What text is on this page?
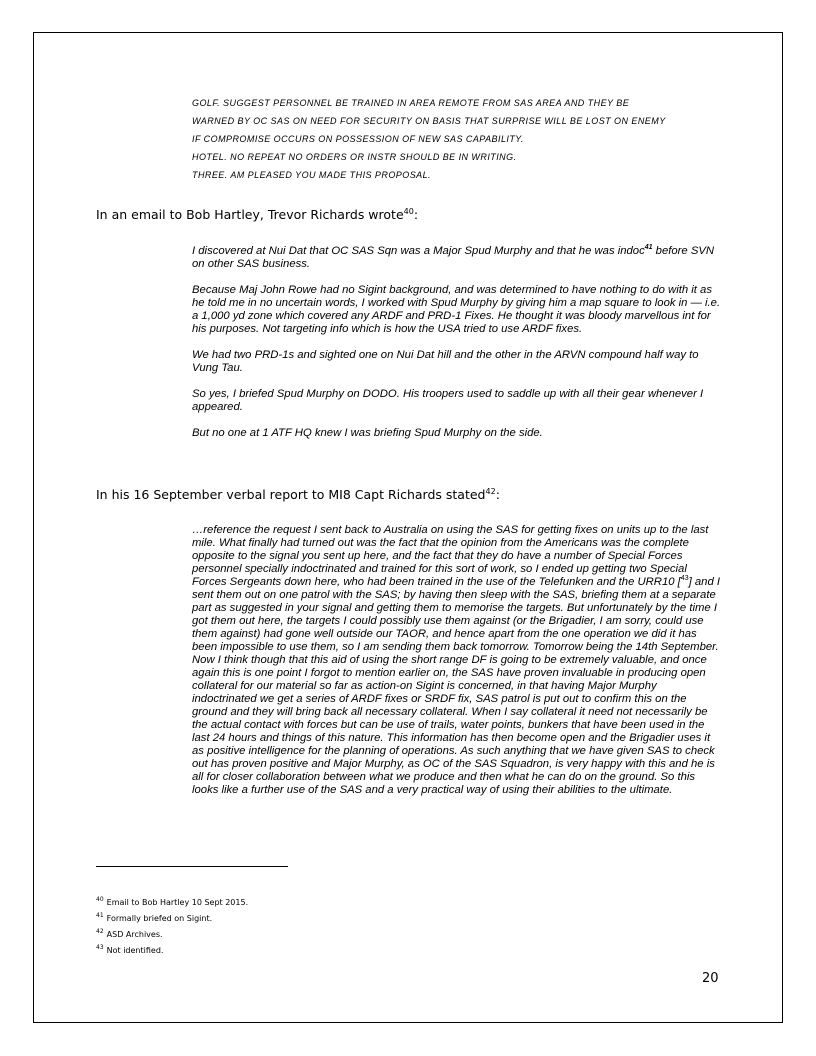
GOLF. SUGGEST PERSONNEL BE TRAINED IN AREA REMOTE FROM SAS AREA AND THEY BE
WARNED BY OC SAS ON NEED FOR SECURITY ON BASIS THAT SURPRISE WILL BE LOST ON ENEMY
IF COMPROMISE OCCURS ON POSSESSION OF NEW SAS CAPABILITY.
HOTEL. NO REPEAT NO ORDERS OR INSTR SHOULD BE IN WRITING.
THREE. AM PLEASED YOU MADE THIS PROPOSAL.
In an email to Bob Hartley, Trevor Richards wrote$^{40}$:

I discovered at Nui Dat that OC SAS Sqn was a Major Spud Murphy and that he was indoc$^{41}$ before SVN on other SAS business.

Because Maj John Rowe had no Sigint background, and was determined to have nothing to do with it as he told me in no uncertain words, I worked with Spud Murphy by giving him a map square to look in — i.e. a 1,000 yd zone which covered any ARDF and PRD-1 Fixes. He thought it was bloody marvellous int for his purposes. Not targeting info which is how the USA tried to use ARDF fixes.

We had two PRD-1s and sighted one on Nui Dat hill and the other in the ARVN compound half way to Vung Tau.

So yes, I briefed Spud Murphy on DODO. His troopers used to saddle up with all their gear whenever I appeared.

But no one at 1 ATF HQ knew I was briefing Spud Murphy on the side.

In his 16 September verbal report to MI8 Capt Richards stated$^{42}$:
…reference the request I sent back to Australia on using the SAS for getting fixes on units up to the last mile. What finally had turned out was the fact that the opinion from the Americans was the complete opposite to the signal you sent up here, and the fact that they do have a number of Special Forces personnel specially indoctrinated and trained for this sort of work, so I ended up getting two Special Forces Sergeants down here, who had been trained in the use of the Telefunken and the URR10 [$^{43}$] and I sent them out on one patrol with the SAS; by having then sleep with the SAS, briefing them at a separate part as suggested in your signal and getting them to memorise the targets. But unfortunately by the time I got them out here, the targets I could possibly use them against (or the Brigadier, I am sorry, could use them against) had gone well outside our TAOR, and hence apart from the one operation we did it has been impossible to use them, so I am sending them back tomorrow. Tomorrow being the 14th September. Now I think though that this aid of using the short range DF is going to be extremely valuable, and once again this is one point I forgot to mention earlier on, the SAS have proven invaluable in producing open collateral for our material so far as action-on Sigint is concerned, in that having Major Murphy indoctrinated we get a series of ARDF fixes or SRDF fix, SAS patrol is put out to confirm this on the ground and they will bring back all necessary collateral. When I say collateral it need not necessarily be the actual contact with forces but can be use of trails, water points, bunkers that have been used in the last 24 hours and things of this nature. This information has then become open and the Brigadier uses it as positive intelligence for the planning of operations. As such anything that we have given SAS to check out has proven positive and Major Murphy, as OC of the SAS Squadron, is very happy with this and he is all for closer collaboration between what we produce and then what he can do on the ground. So this looks like a further use of the SAS and a very practical way of using their abilities to the ultimate.
$^{40}$ Email to Bob Hartley 10 Sept 2015.
$^{41}$ Formally briefed on Sigint.
$^{42}$ ASD Archives.
$^{43}$ Not identified.
20
